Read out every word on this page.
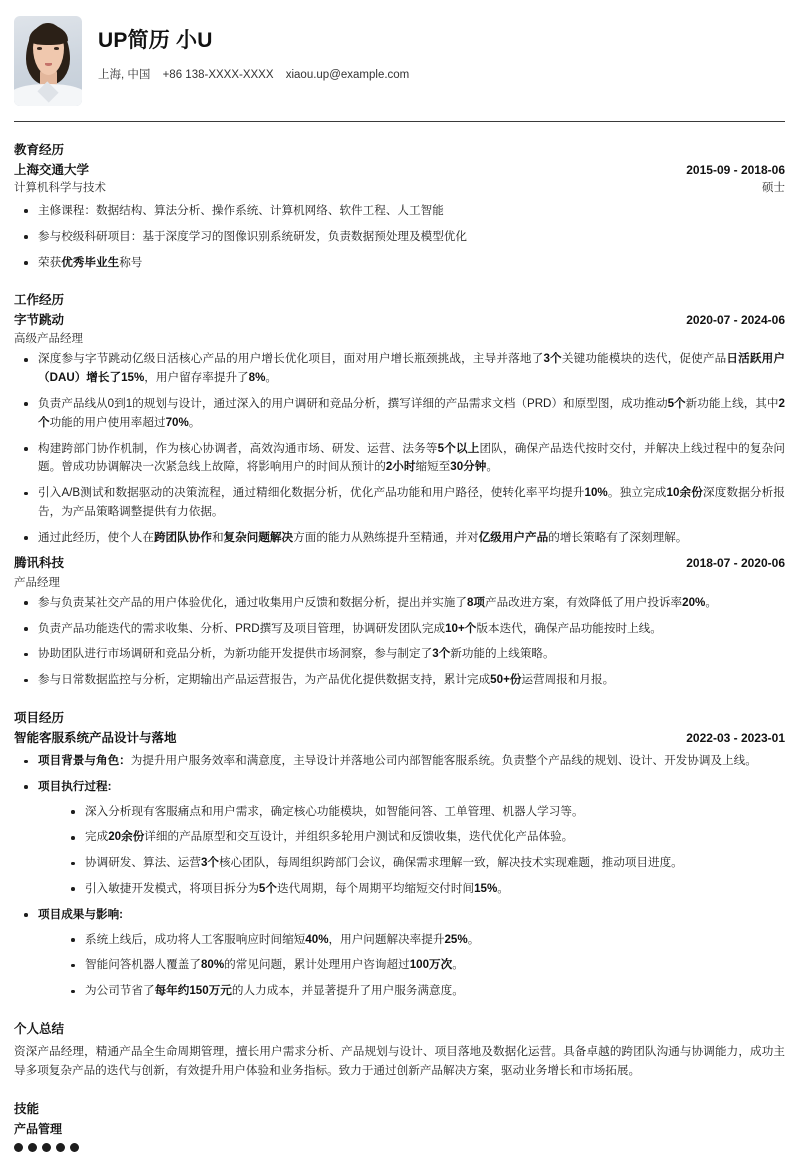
UP简历 小U
上海, 中国 +86 138-XXXX-XXXX xiaou.up@example.com
教育经历
上海交通大学	2015-09 - 2018-06
计算机科学与技术	硕士
主修课程：数据结构、算法分析、操作系统、计算机网络、软件工程、人工智能
参与校级科研项目：基于深度学习的图像识别系统研发，负责数据预处理及模型优化
荣获优秀毕业生称号
工作经历
字节跳动	2020-07 - 2024-06
高级产品经理
深度参与字节跳动亿级日活核心产品的用户增长优化项目，面对用户增长瓶颈挑战，主导并落地了3个关键功能模块的迭代，促使产品日活跃用户（DAU）增长了15%，用户留存率提升了8%。
负责产品线从0到1的规划与设计，通过深入的用户调研和竞品分析，撰写详细的产品需求文档（PRD）和原型图，成功推动5个新功能上线，其中2个功能的用户使用率超过70%。
构建跨部门协作机制，作为核心协调者，高效沟通市场、研发、运营、法务等5个以上团队，确保产品迭代按时交付，并解决上线过程中的复杂问题。曾成功协调解决一次紧急线上故障，将影响用户的时间从预计的2小时缩短至30分钟。
引入A/B测试和数据驱动的决策流程，通过精细化数据分析，优化产品功能和用户路径，使转化率平均提升10%。独立完成10余份深度数据分析报告，为产品策略调整提供有力依据。
通过此经历，使个人在跨团队协作和复杂问题解决方面的能力从熟练提升至精通，并对亿级用户产品的增长策略有了深刻理解。
腾讯科技	2018-07 - 2020-06
产品经理
参与负责某社交产品的用户体验优化，通过收集用户反馈和数据分析，提出并实施了8项产品改进方案，有效降低了用户投诉率20%。
负责产品功能迭代的需求收集、分析、PRD撰写及项目管理，协调研发团队完成10+个版本迭代，确保产品功能按时上线。
协助团队进行市场调研和竞品分析，为新功能开发提供市场洞察，参与制定了3个新功能的上线策略。
参与日常数据监控与分析，定期输出产品运营报告，为产品优化提供数据支持，累计完成50+份运营周报和月报。
项目经历
智能客服系统产品设计与落地	2022-03 - 2023-01
项目背景与角色：为提升用户服务效率和满意度，主导设计并落地公司内部智能客服系统。负责整个产品线的规划、设计、开发协调及上线。
项目执行过程:
深入分析现有客服痛点和用户需求，确定核心功能模块，如智能问答、工单管理、机器人学习等。
完成20余份详细的产品原型和交互设计，并组织多轮用户测试和反馈收集，迭代优化产品体验。
协调研发、算法、运营3个核心团队，每周组织跨部门会议，确保需求理解一致，解决技术实现难题，推动项目进度。
引入敏捷开发模式，将项目拆分为5个迭代周期，每个周期平均缩短交付时间15%。
项目成果与影响:
系统上线后，成功将人工客服响应时间缩短40%，用户问题解决率提升25%。
智能问答机器人覆盖了80%的常见问题，累计处理用户咨询超过100万次。
为公司节省了每年约150万元的人力成本，并显著提升了用户服务满意度。
个人总结
资深产品经理，精通产品全生命周期管理，擅长用户需求分析、产品规划与设计、项目落地及数据化运营。具备卓越的跨团队沟通与协调能力，成功主导多项复杂产品的迭代与创新，有效提升用户体验和业务指标。致力于通过创新产品解决方案，驱动业务增长和市场拓展。
技能
产品管理
